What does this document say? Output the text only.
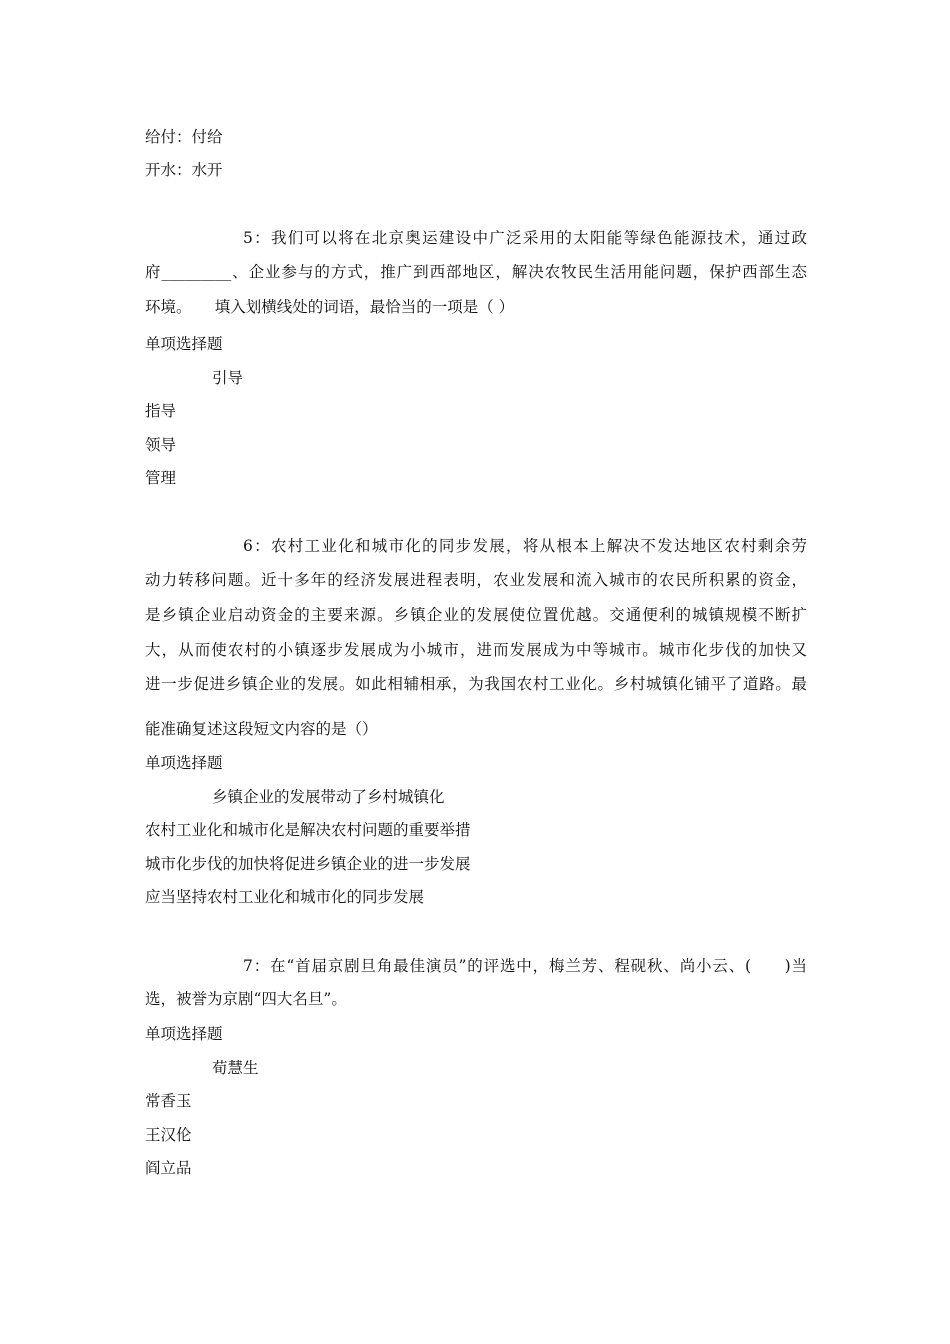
给付：付给
开水：水开
5：我们可以将在北京奥运建设中广泛采用的太阳能等绿色能源技术，通过政
府_________、企业参与的方式，推广到西部地区，解决农牧民生活用能问题，保护西部生态
环境。　　填入划横线处的词语，最恰当的一项是（ ）
单项选择题
引导
指导
领导
管理
6：农村工业化和城市化的同步发展，将从根本上解决不发达地区农村剩余劳
动力转移问题。近十多年的经济发展进程表明，农业发展和流入城市的农民所积累的资金，
是乡镇企业启动资金的主要来源。乡镇企业的发展使位置优越。交通便利的城镇规模不断扩
大，从而使农村的小镇逐步发展成为小城市，进而发展成为中等城市。城市化步伐的加快又
进一步促进乡镇企业的发展。如此相辅相承，为我国农村工业化。乡村城镇化铺平了道路。最
能准确复述这段短文内容的是（）
单项选择题
乡镇企业的发展带动了乡村城镇化
农村工业化和城市化是解决农村问题的重要举措
城市化步伐的加快将促进乡镇企业的进一步发展
应当坚持农村工业化和城市化的同步发展
7：在“首届京剧旦角最佳演员”的评选中，梅兰芳、程砚秋、尚小云、(　　)当
选，被誉为京剧“四大名旦”。
单项选择题
荀慧生
常香玉
王汉伦
阎立品
